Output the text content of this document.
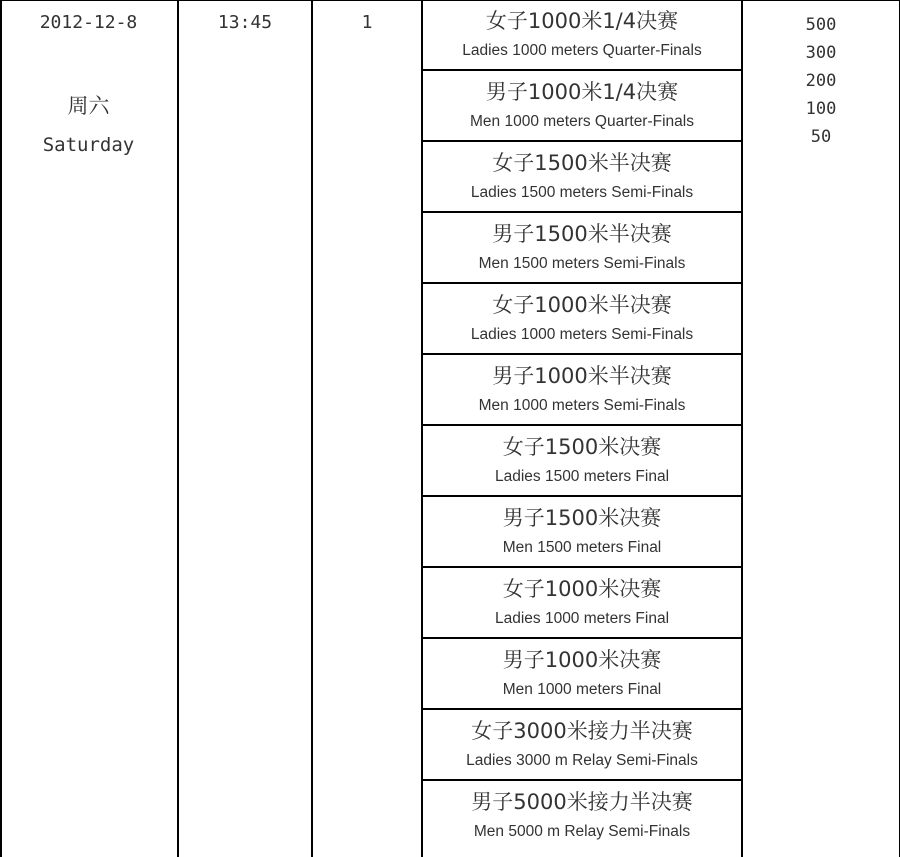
2012-12-8
周六
Saturday
13:45	1	女子1000米1/4决赛
Ladies 1000 meters Quarter-Finals
男子1000米1/4决赛
Men 1000 meters Quarter-Finals
女子1500米半决赛
Ladies 1500 meters Semi-Finals
男子1500米半决赛
Men 1500 meters Semi-Finals
女子1000米半决赛
Ladies 1000 meters Semi-Finals
男子1000米半决赛
Men 1000 meters Semi-Finals
女子1500米决赛
Ladies 1500 meters Final
男子1500米决赛
Men 1500 meters Final
女子1000米决赛
Ladies 1000 meters Final
男子1000米决赛
Men 1000 meters Final
女子3000米接力半决赛
Ladies 3000 m Relay Semi-Finals
男子5000米接力半决赛
Men 5000 m Relay Semi-Finals
500
300
200
100
50
